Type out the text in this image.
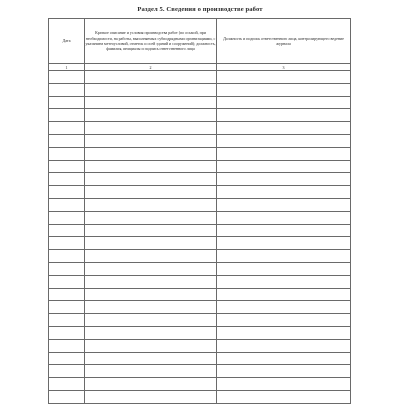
Раздел 5. Сведения о производстве работ
Дата	Краткое описание и условия производства работ (по осьмой, при необходимости, на работы, выполняемых субподрядными организациями, с указанием метеоусловий, отметок и осей зданий и сооружений); должность, фамилия, инициалы и подпись ответственного лица	Должность и подпись ответственного лица, контролирующего ведение журнала
1	2	3
